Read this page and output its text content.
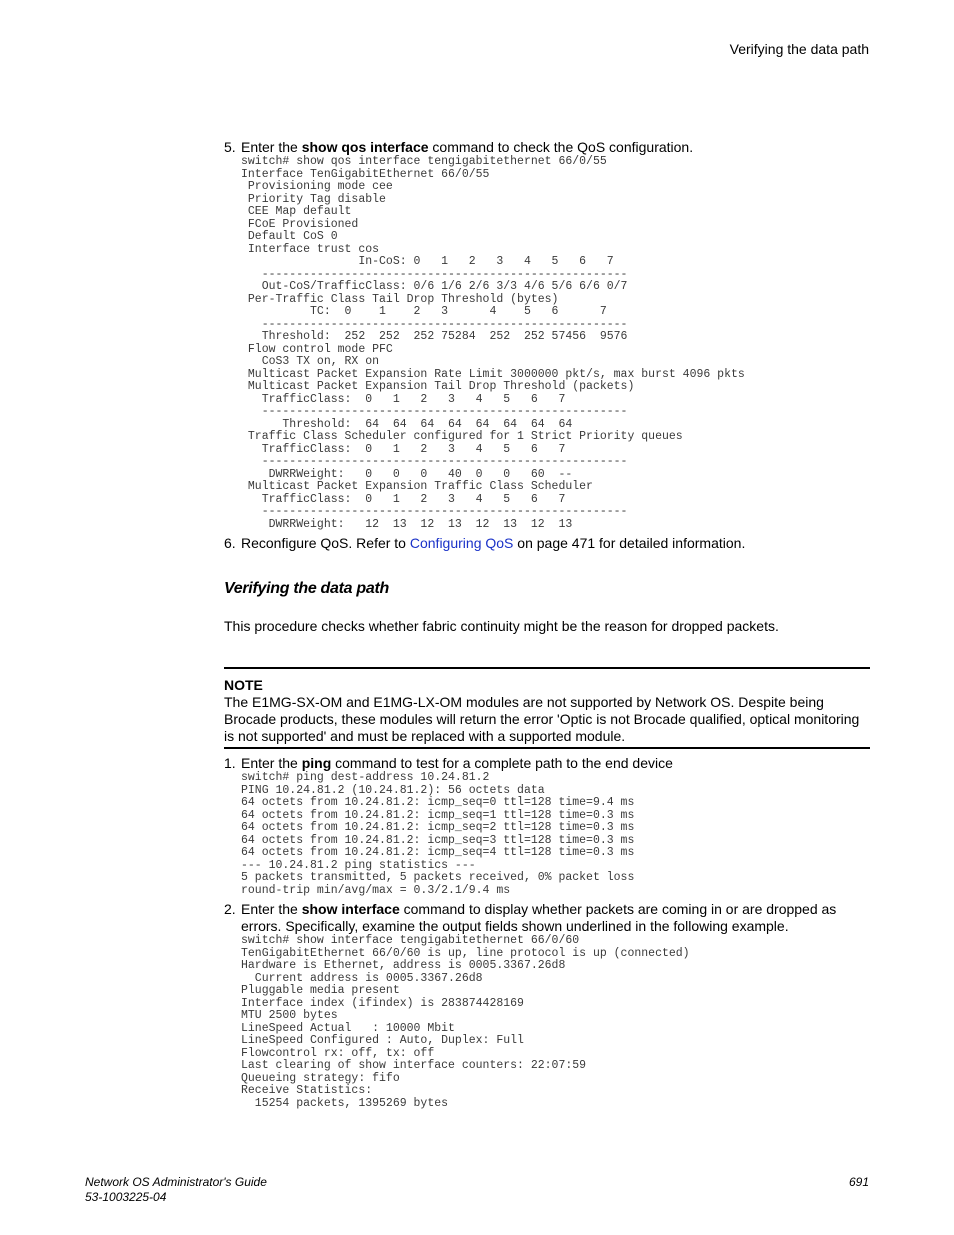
Verifying the data path
5. Enter the show qos interface command to check the QoS configuration.
switch# show qos interface tengigabitethernet 66/0/55
Interface TenGigabitEthernet 66/0/55
Provisioning mode cee
Priority Tag disable
CEE Map default
FCoE Provisioned
Default CoS 0
Interface trust cos
In-CoS: 0   1   2   3   4   5   6   7
-----------------------------------------------------
Out-CoS/TrafficClass: 0/6 1/6 2/6 3/3 4/6 5/6 6/6 0/7
Per-Traffic Class Tail Drop Threshold (bytes)
TC:  0    1    2   3      4    5   6      7
-----------------------------------------------------
Threshold:  252  252  252 75284  252  252 57456  9576
Flow control mode PFC
CoS3 TX on, RX on
Multicast Packet Expansion Rate Limit 3000000 pkt/s, max burst 4096 pkts
Multicast Packet Expansion Tail Drop Threshold (packets)
TrafficClass:  0   1   2   3   4   5   6   7
-----------------------------------------------------
Threshold:  64  64  64  64  64  64  64  64
Traffic Class Scheduler configured for 1 Strict Priority queues
TrafficClass:  0   1   2   3   4   5   6   7
-----------------------------------------------------
DWRRWeight:   0   0   0   40  0   0   60  --
Multicast Packet Expansion Traffic Class Scheduler
TrafficClass:  0   1   2   3   4   5   6   7
-----------------------------------------------------
DWRRWeight:   12  13  12  13  12  13  12  13
6. Reconfigure QoS. Refer to Configuring QoS on page 471 for detailed information.
Verifying the data path
This procedure checks whether fabric continuity might be the reason for dropped packets.
NOTE
The E1MG-SX-OM and E1MG-LX-OM modules are not supported by Network OS. Despite being Brocade products, these modules will return the error 'Optic is not Brocade qualified, optical monitoring is not supported' and must be replaced with a supported module.
1. Enter the ping command to test for a complete path to the end device
switch# ping dest-address 10.24.81.2
PING 10.24.81.2 (10.24.81.2): 56 octets data
64 octets from 10.24.81.2: icmp_seq=0 ttl=128 time=9.4 ms
64 octets from 10.24.81.2: icmp_seq=1 ttl=128 time=0.3 ms
64 octets from 10.24.81.2: icmp_seq=2 ttl=128 time=0.3 ms
64 octets from 10.24.81.2: icmp_seq=3 ttl=128 time=0.3 ms
64 octets from 10.24.81.2: icmp_seq=4 ttl=128 time=0.3 ms
--- 10.24.81.2 ping statistics ---
5 packets transmitted, 5 packets received, 0% packet loss
round-trip min/avg/max = 0.3/2.1/9.4 ms
2. Enter the show interface command to display whether packets are coming in or are dropped as errors. Specifically, examine the output fields shown underlined in the following example.
switch# show interface tengigabitethernet 66/0/60
TenGigabitEthernet 66/0/60 is up, line protocol is up (connected)
Hardware is Ethernet, address is 0005.3367.26d8
Current address is 0005.3367.26d8
Pluggable media present
Interface index (ifindex) is 283874428169
MTU 2500 bytes
LineSpeed Actual   : 10000 Mbit
LineSpeed Configured : Auto, Duplex: Full
Flowcontrol rx: off, tx: off
Last clearing of show interface counters: 22:07:59
Queueing strategy: fifo
Receive Statistics:
15254 packets, 1395269 bytes
Network OS Administrator's Guide
53-1003225-04
691
